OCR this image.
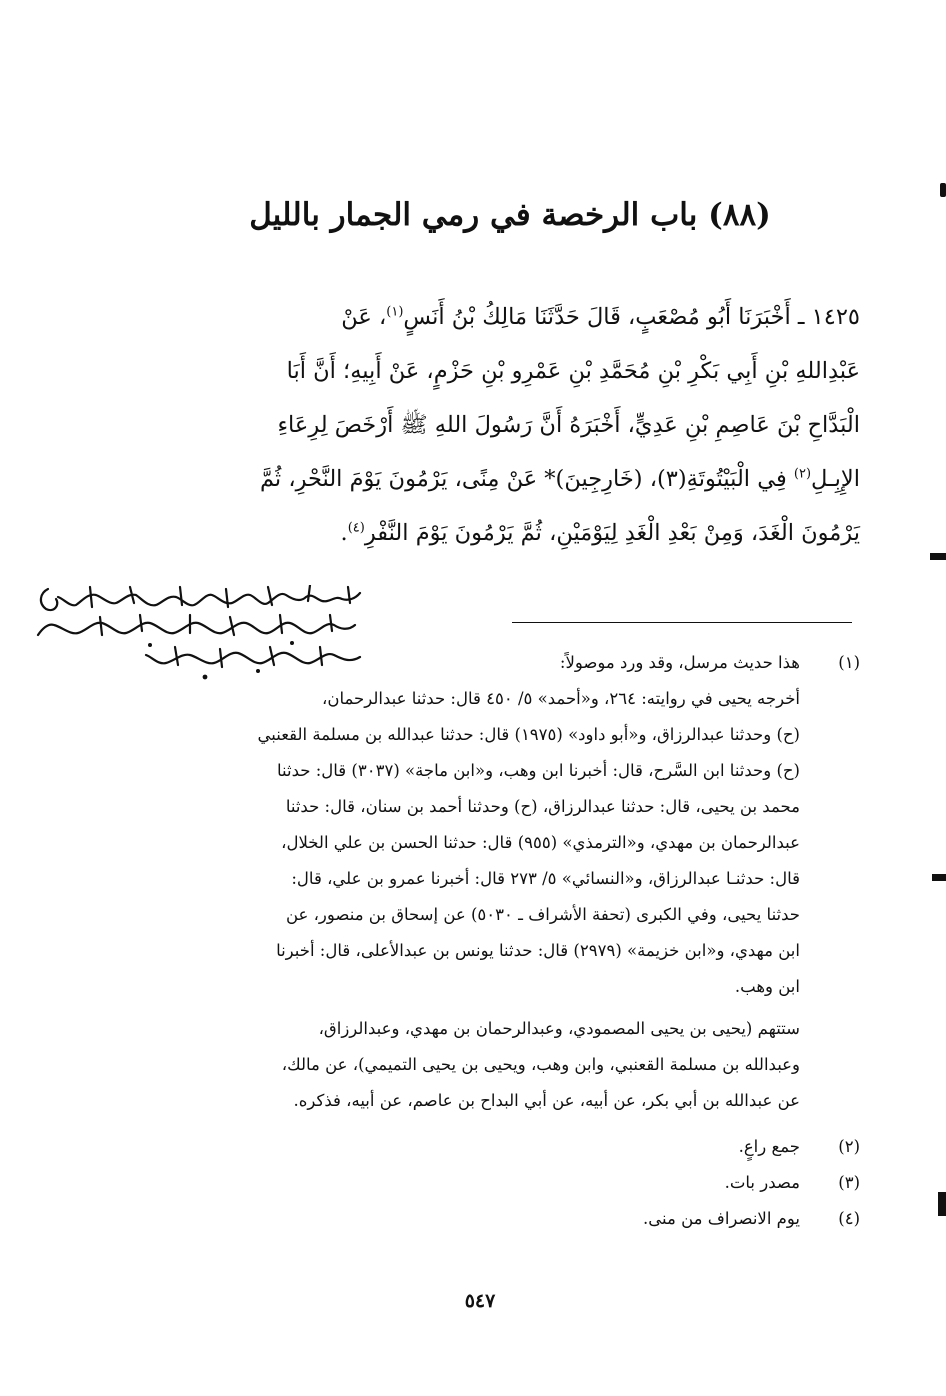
(٨٨) باب الرخصة في رمي الجمار بالليل
١٤٢٥ ـ أَخْبَرَنَا أَبُو مُصْعَبٍ، قَالَ حَدَّثَنَا مَالِكُ بْنُ أَنَسٍ$^{(١)}$، عَنْ
عَبْدِاللهِ بْنِ أَبِي بَكْرِ بْنِ مُحَمَّدِ بْنِ عَمْرِو بْنِ حَزْمٍ، عَنْ أَبِيهِ؛ أَنَّ أَبَا
الْبَدَّاحِ بْنَ عَاصِمِ بْنِ عَدِيٍّ، أَخْبَرَهُ أَنَّ رَسُولَ اللهِ ﷺ أَرْخَصَ لِرِعَاءِ
الإِبِـلِ$^{(٢)}$ فِي الْبَيْتُوتَةِ(٣)، (خَارِجِينَ)* عَنْ مِنًى، يَرْمُونَ يَوْمَ النَّحْرِ، ثُمَّ
يَرْمُونَ الْغَدَ، وَمِنْ بَعْدِ الْغَدِ لِيَوْمَيْنِ، ثُمَّ يَرْمُونَ يَوْمَ النَّفْرِ$^{(٤)}$.
(١)
هذا حديث مرسل، وقد ورد موصولاً:
أخرجه يحيى في روايته: ٢٦٤، و«أحمد» ٥/ ٤٥٠ قال: حدثنا عبدالرحمان،
(ح) وحدثنا عبدالرزاق، و«أبو داود» (١٩٧٥) قال: حدثنا عبدالله بن مسلمة القعنبي
(ح) وحدثنا ابن السَّرح، قال: أخبرنا ابن وهب، و«ابن ماجة» (٣٠٣٧) قال: حدثنا
محمد بن يحيى، قال: حدثنا عبدالرزاق، (ح) وحدثنا أحمد بن سنان، قال: حدثنا
عبدالرحمان بن مهدي، و«الترمذي» (٩٥٥) قال: حدثنا الحسن بن علي الخلال،
قال: حدثنـا عبدالرزاق، و«النسائي» ٥/ ٢٧٣ قال: أخبرنا عمرو بن علي، قال:
حدثنا يحيى، وفي الكبرى (تحفة الأشراف ـ ٥٠٣٠) عن إسحاق بن منصور، عن
ابن مهدي، و«ابن خزيمة» (٢٩٧٩) قال: حدثنا يونس بن عبدالأعلى، قال: أخبرنا
ابن وهب.
ستتهم (يحيى بن يحيى المصمودي، وعبدالرحمان بن مهدي، وعبدالرزاق،
وعبدالله بن مسلمة القعنبي، وابن وهب، ويحيى بن يحيى التميمي)، عن مالك،
عن عبدالله بن أبي بكر، عن أبيه، عن أبي البداح بن عاصم، عن أبيه، فذكره.
(٢)
جمع راعٍ.
(٣)
مصدر بات.
(٤)
يوم الانصراف من منى.
٥٤٧
